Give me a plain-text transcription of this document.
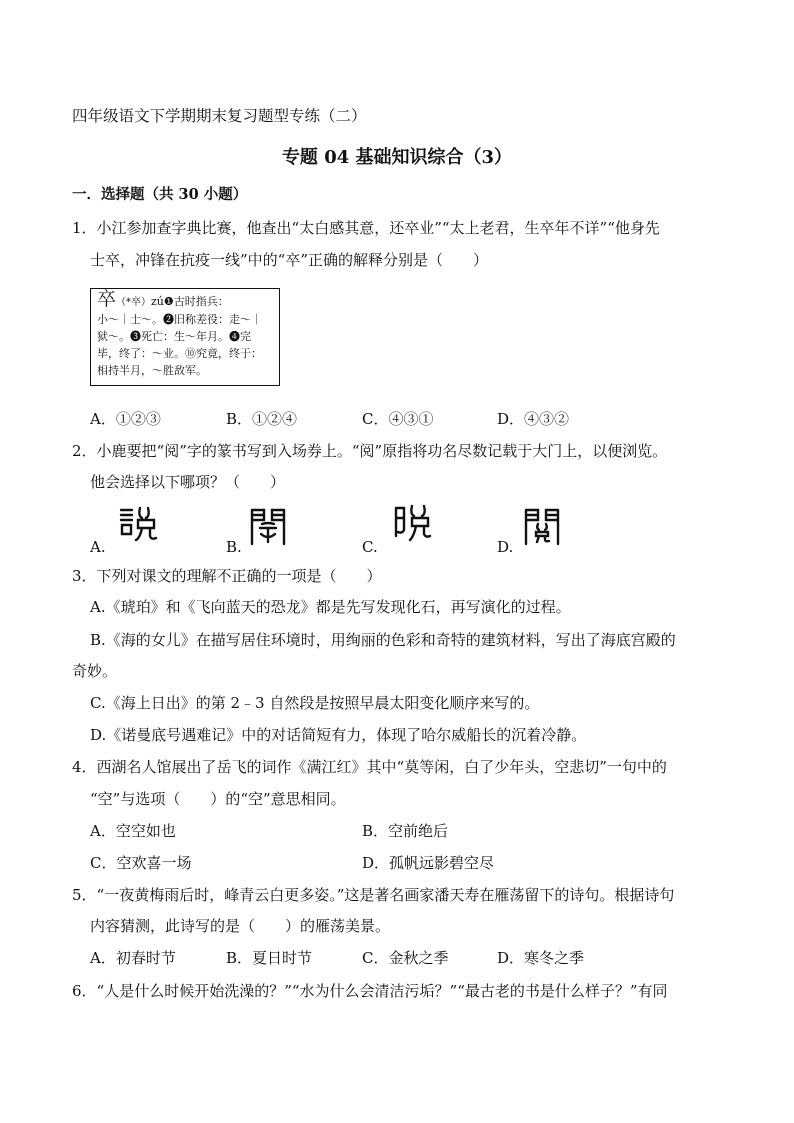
四年级语文下学期期末复习题型专练（二）
专题 04 基础知识综合（3）
一．选择题（共 30 小题）
1．小江参加查字典比赛，他查出“太白感其意，还卒业”“太上老君，生卒年不详”“他身先
士卒，冲锋在抗疫一线”中的“卒”正确的解释分别是（　　）
卒（*卒）zú❶古时指兵：
小～｜士～。❷旧称差役：走～｜
狱～。❸死亡：生～年月。❹完
毕，终了：～业。⑩究竟，终于：
相持半月，～胜敌军。
A．①②③	B．①②④	C．④③①	D．④③②
2．小鹿要把“阅”字的篆书写到入场券上。“阅”原指将功名尽数记载于大门上，以便浏览。
他会选择以下哪项？（　　）
A.	B.	C.	D.
3．下列对课文的理解不正确的一项是（　　）
A.《琥珀》和《飞向蓝天的恐龙》都是先写发现化石，再写演化的过程。
B.《海的女儿》在描写居住环境时，用绚丽的色彩和奇特的建筑材料，写出了海底宫殿的
奇妙。
C.《海上日出》的第 2﹣3 自然段是按照早晨太阳变化顺序来写的。
D.《诺曼底号遇难记》中的对话简短有力，体现了哈尔威船长的沉着冷静。
4．西湖名人馆展出了岳飞的词作《满江红》其中“莫等闲，白了少年头，空悲切”一句中的
“空”与选项（　　）的“空”意思相同。
A．空空如也	B．空前绝后
C．空欢喜一场	D．孤帆远影碧空尽
5．“一夜黄梅雨后时，峰青云白更多姿。”这是著名画家潘天寿在雁荡留下的诗句。根据诗句
内容猜测，此诗写的是（　　）的雁荡美景。
A．初春时节	B．夏日时节	C．金秋之季	D．寒冬之季
6．“人是什么时候开始洗澡的？”“水为什么会清洁污垢？”“最古老的书是什么样子？”有同
